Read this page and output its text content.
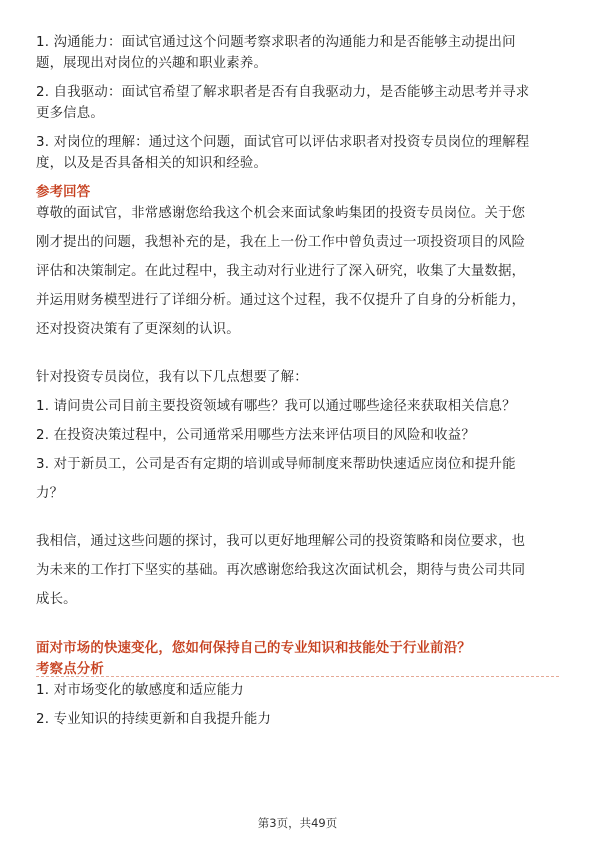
1. 沟通能力：面试官通过这个问题考察求职者的沟通能力和是否能够主动提出问
题，展现出对岗位的兴趣和职业素养。
2. 自我驱动：面试官希望了解求职者是否有自我驱动力，是否能够主动思考并寻求
更多信息。
3. 对岗位的理解：通过这个问题，面试官可以评估求职者对投资专员岗位的理解程
度，以及是否具备相关的知识和经验。
参考回答
尊敬的面试官，非常感谢您给我这个机会来面试象屿集团的投资专员岗位。关于您
刚才提出的问题，我想补充的是，我在上一份工作中曾负责过一项投资项目的风险
评估和决策制定。在此过程中，我主动对行业进行了深入研究，收集了大量数据，
并运用财务模型进行了详细分析。通过这个过程，我不仅提升了自身的分析能力，
还对投资决策有了更深刻的认识。
针对投资专员岗位，我有以下几点想要了解：
1. 请问贵公司目前主要投资领域有哪些？我可以通过哪些途径来获取相关信息？
2. 在投资决策过程中，公司通常采用哪些方法来评估项目的风险和收益？
3. 对于新员工，公司是否有定期的培训或导师制度来帮助快速适应岗位和提升能
力？
我相信，通过这些问题的探讨，我可以更好地理解公司的投资策略和岗位要求，也
为未来的工作打下坚实的基础。再次感谢您给我这次面试机会，期待与贵公司共同
成长。
面对市场的快速变化，您如何保持自己的专业知识和技能处于行业前沿？
考察点分析
1. 对市场变化的敏感度和适应能力
2. 专业知识的持续更新和自我提升能力
第3页，共49页
